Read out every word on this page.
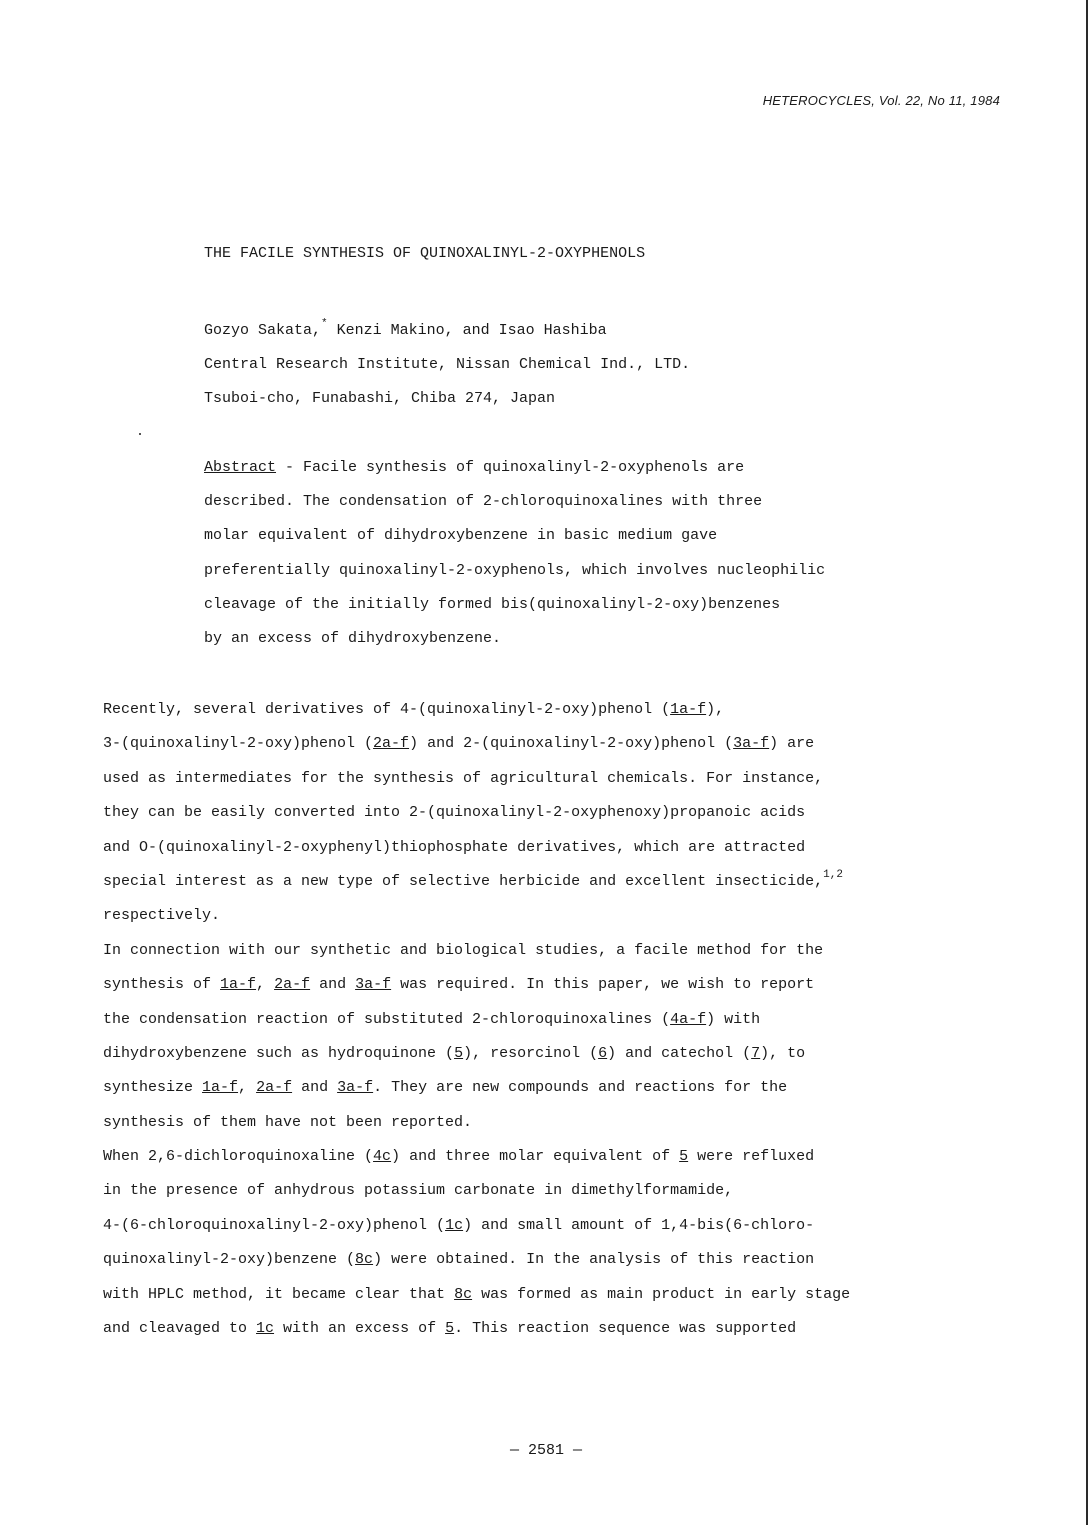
HETEROCYCLES, Vol. 22, No 11, 1984
THE FACILE SYNTHESIS OF QUINOXALINYL-2-OXYPHENOLS
Gozyo Sakata,* Kenzi Makino, and Isao Hashiba
Central Research Institute, Nissan Chemical Ind., LTD.
Tsuboi-cho, Funabashi, Chiba 274, Japan
Abstract - Facile synthesis of quinoxalinyl-2-oxyphenols are
described. The condensation of 2-chloroquinoxalines with three
molar equivalent of dihydroxybenzene in basic medium gave
preferentially quinoxalinyl-2-oxyphenols, which involves nucleophilic
cleavage of the initially formed bis(quinoxalinyl-2-oxy)benzenes
by an excess of dihydroxybenzene.
Recently, several derivatives of 4-(quinoxalinyl-2-oxy)phenol (1a-f),
3-(quinoxalinyl-2-oxy)phenol (2a-f) and 2-(quinoxalinyl-2-oxy)phenol (3a-f) are
used as intermediates for the synthesis of agricultural chemicals. For instance,
they can be easily converted into 2-(quinoxalinyl-2-oxyphenoxy)propanoic acids
and O-(quinoxalinyl-2-oxyphenyl)thiophosphate derivatives, which are attracted
special interest as a new type of selective herbicide and excellent insecticide,$^{1,2}$
respectively.
In connection with our synthetic and biological studies, a facile method for the
synthesis of 1a-f, 2a-f and 3a-f was required. In this paper, we wish to report
the condensation reaction of substituted 2-chloroquinoxalines (4a-f) with
dihydroxybenzene such as hydroquinone (5), resorcinol (6) and catechol (7), to
synthesize 1a-f, 2a-f and 3a-f. They are new compounds and reactions for the
synthesis of them have not been reported.
When 2,6-dichloroquinoxaline (4c) and three molar equivalent of 5 were refluxed
in the presence of anhydrous potassium carbonate in dimethylformamide,
4-(6-chloroquinoxalinyl-2-oxy)phenol (1c) and small amount of 1,4-bis(6-chloro-
quinoxalinyl-2-oxy)benzene (8c) were obtained. In the analysis of this reaction
with HPLC method, it became clear that 8c was formed as main product in early stage
and cleavaged to 1c with an excess of 5. This reaction sequence was supported
— 2581 —
